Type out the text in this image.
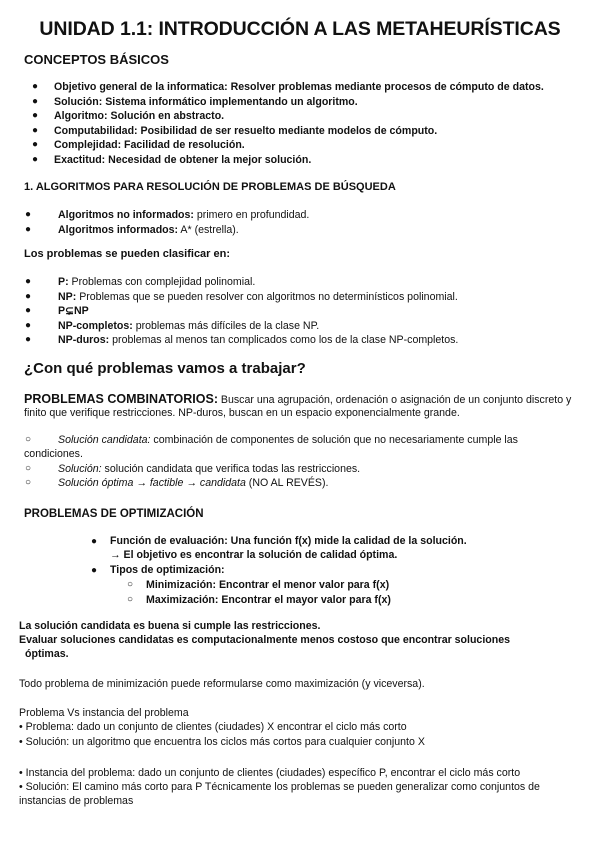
UNIDAD 1.1: INTRODUCCIÓN A LAS METAHEURÍSTICAS
CONCEPTOS BÁSICOS
● Objetivo general de la informatica: Resolver problemas mediante procesos de cómputo de datos.
● Solución: Sistema informático implementando un algoritmo.
● Algoritmo: Solución en abstracto.
● Computabilidad: Posibilidad de ser resuelto mediante modelos de cómputo.
● Complejidad: Facilidad de resolución.
● Exactitud: Necesidad de obtener la mejor solución.
1. ALGORITMOS PARA RESOLUCIÓN DE PROBLEMAS DE BÚSQUEDA
●	Algoritmos no informados: primero en profundidad.
●	Algoritmos informados: A* (estrella).
Los problemas se pueden clasificar en:
●	P: Problemas con complejidad polinomial.
●	NP: Problemas que se pueden resolver con algoritmos no determinísticos polinomial.
●	P⊊NP
●	NP-completos: problemas más difíciles de la clase NP.
●	NP-duros: problemas al menos tan complicados como los de la clase NP-completos.
¿Con qué problemas vamos a trabajar?
PROBLEMAS COMBINATORIOS: Buscar una agrupación, ordenación o asignación de un conjunto discreto y
finito que verifique restricciones. NP-duros, buscan en un espacio exponencialmente grande.
○	Solución candidata: combinación de componentes de solución que no necesariamente cumple las
condiciones.
○	Solución: solución candidata que verifica todas las restricciones.
○	Solución óptima → factible → candidata (NO AL REVÉS).
PROBLEMAS DE OPTIMIZACIÓN
● Función de evaluación: Una función f(x) mide la calidad de la solución.
→ El objetivo es encontrar la solución de calidad óptima.
● Tipos de optimización:
○ Minimización: Encontrar el menor valor para f(x)
○ Maximización: Encontrar el mayor valor para f(x)
La solución candidata es buena si cumple las restricciones.
Evaluar soluciones candidatas es computacionalmente menos costoso que encontrar soluciones
óptimas.
Todo problema de minimización puede reformularse como maximización (y viceversa).
Problema Vs instancia del problema
• Problema: dado un conjunto de clientes (ciudades) X encontrar el ciclo más corto
• Solución: un algoritmo que encuentra los ciclos más cortos para cualquier conjunto X
• Instancia del problema: dado un conjunto de clientes (ciudades) específico P, encontrar el ciclo más corto
• Solución: El camino más corto para P Técnicamente los problemas se pueden generalizar como conjuntos de
instancias de problemas
